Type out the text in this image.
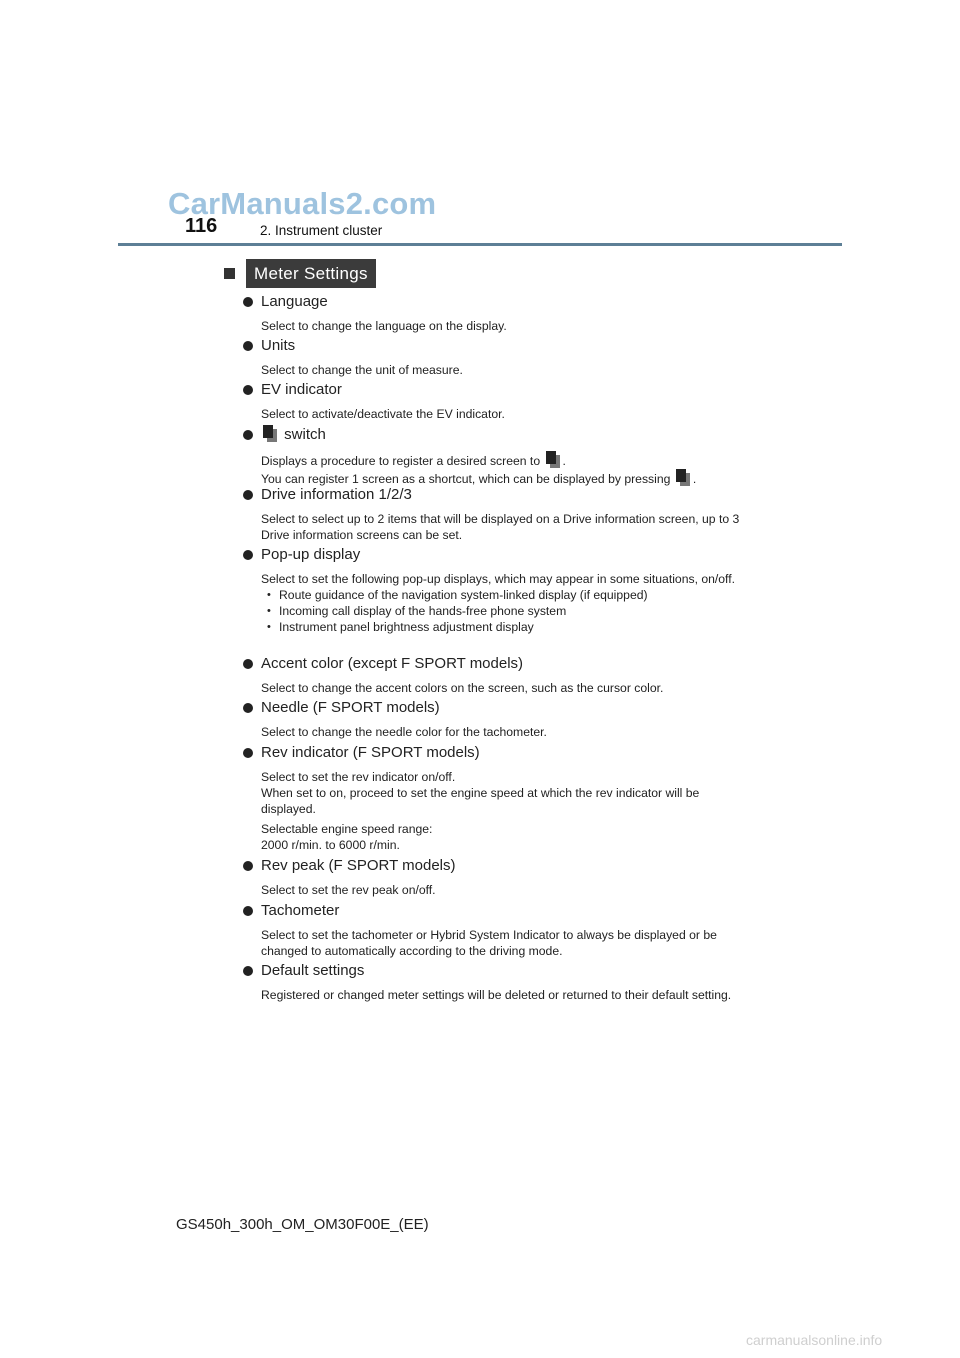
CarManuals2.com
116	2. Instrument cluster
Meter Settings
Language

Select to change the language on the display.

Units

Select to change the unit of measure.

EV indicator

Select to activate/deactivate the EV indicator.

switch

Displays a procedure to register a desired screen to
.

You can register 1 screen as a shortcut, which can be displayed by pressing
.

Drive information 1/2/3

Select to select up to 2 items that will be displayed on a Drive information screen, up to 3 Drive information screens can be set.

Pop-up display

Select to set the following pop-up displays, which may appear in some situations, on/off.

• Route guidance of the navigation system-linked display (if equipped)
• Incoming call display of the hands-free phone system
• Instrument panel brightness adjustment display
Accent color (except F SPORT models)

Select to change the accent colors on the screen, such as the cursor color.

Needle (F SPORT models)

Select to change the needle color for the tachometer.

Rev indicator (F SPORT models)

Select to set the rev indicator on/off.

When set to on, proceed to set the engine speed at which the rev indicator will be displayed.

Selectable engine speed range:

2000 r/min. to 6000 r/min.

Rev peak (F SPORT models)

Select to set the rev peak on/off.

Tachometer

Select to set the tachometer or Hybrid System Indicator to always be displayed or be changed to automatically according to the driving mode.

Default settings

Registered or changed meter settings will be deleted or returned to their default setting.

GS450h_300h_OM_OM30F00E_(EE)
carmanualsonline.info
